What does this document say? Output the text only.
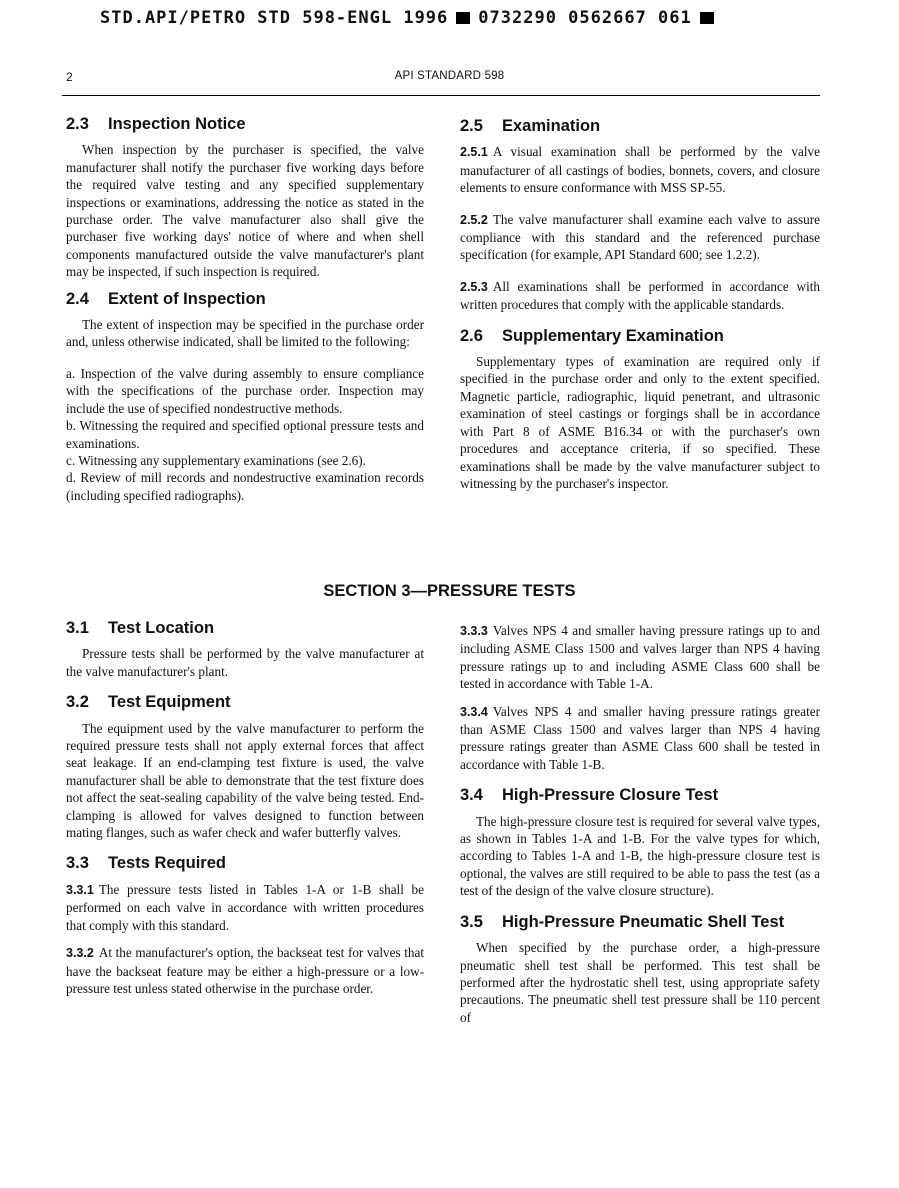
STD.API/PETRO STD 598-ENGL 1996 0732290 0562667 061
2	API STANDARD 598
2.3 Inspection Notice

When inspection by the purchaser is specified, the valve manufacturer shall notify the purchaser five working days before the required valve testing and any specified supplementary inspections or examinations, addressing the notice as stated in the purchase order. The valve manufacturer also shall give the purchaser five working days' notice of where and when shell components manufactured outside the valve manufacturer's plant may be inspected, if such inspection is required.

2.4 Extent of Inspection

The extent of inspection may be specified in the purchase order and, unless otherwise indicated, shall be limited to the following:

a. Inspection of the valve during assembly to ensure compliance with the specifications of the purchase order. Inspection may include the use of specified nondestructive methods.

b. Witnessing the required and specified optional pressure tests and examinations.

c. Witnessing any supplementary examinations (see 2.6).

d. Review of mill records and nondestructive examination records (including specified radiographs).

2.5 Examination

2.5.1 A visual examination shall be performed by the valve manufacturer of all castings of bodies, bonnets, covers, and closure elements to ensure conformance with MSS SP-55.

2.5.2 The valve manufacturer shall examine each valve to assure compliance with this standard and the referenced purchase specification (for example, API Standard 600; see 1.2.2).

2.5.3 All examinations shall be performed in accordance with written procedures that comply with the applicable standards.

2.6 Supplementary Examination

Supplementary types of examination are required only if specified in the purchase order and only to the extent specified. Magnetic particle, radiographic, liquid penetrant, and ultrasonic examination of steel castings or forgings shall be in accordance with Part 8 of ASME B16.34 or with the purchaser's own procedures and acceptance criteria, if so specified. These examinations shall be made by the valve manufacturer subject to witnessing by the purchaser's inspector.

SECTION 3—PRESSURE TESTS
3.1 Test Location

Pressure tests shall be performed by the valve manufacturer at the valve manufacturer's plant.

3.2 Test Equipment

The equipment used by the valve manufacturer to perform the required pressure tests shall not apply external forces that affect seat leakage. If an end-clamping test fixture is used, the valve manufacturer shall be able to demonstrate that the test fixture does not affect the seat-sealing capability of the valve being tested. End-clamping is allowed for valves designed to function between mating flanges, such as wafer check and wafer butterfly valves.

3.3 Tests Required

3.3.1 The pressure tests listed in Tables 1-A or 1-B shall be performed on each valve in accordance with written procedures that comply with this standard.

3.3.2 At the manufacturer's option, the backseat test for valves that have the backseat feature may be either a high-pressure or a low-pressure test unless stated otherwise in the purchase order.

3.3.3 Valves NPS 4 and smaller having pressure ratings up to and including ASME Class 1500 and valves larger than NPS 4 having pressure ratings up to and including ASME Class 600 shall be tested in accordance with Table 1-A.

3.3.4 Valves NPS 4 and smaller having pressure ratings greater than ASME Class 1500 and valves larger than NPS 4 having pressure ratings greater than ASME Class 600 shall be tested in accordance with Table 1-B.

3.4 High-Pressure Closure Test

The high-pressure closure test is required for several valve types, as shown in Tables 1-A and 1-B. For the valve types for which, according to Tables 1-A and 1-B, the high-pressure closure test is optional, the valves are still required to be able to pass the test (as a test of the design of the valve closure structure).

3.5 High-Pressure Pneumatic Shell Test

When specified by the purchase order, a high-pressure pneumatic shell test shall be performed. This test shall be performed after the hydrostatic shell test, using appropriate safety precautions. The pneumatic shell test pressure shall be 110 percent of
